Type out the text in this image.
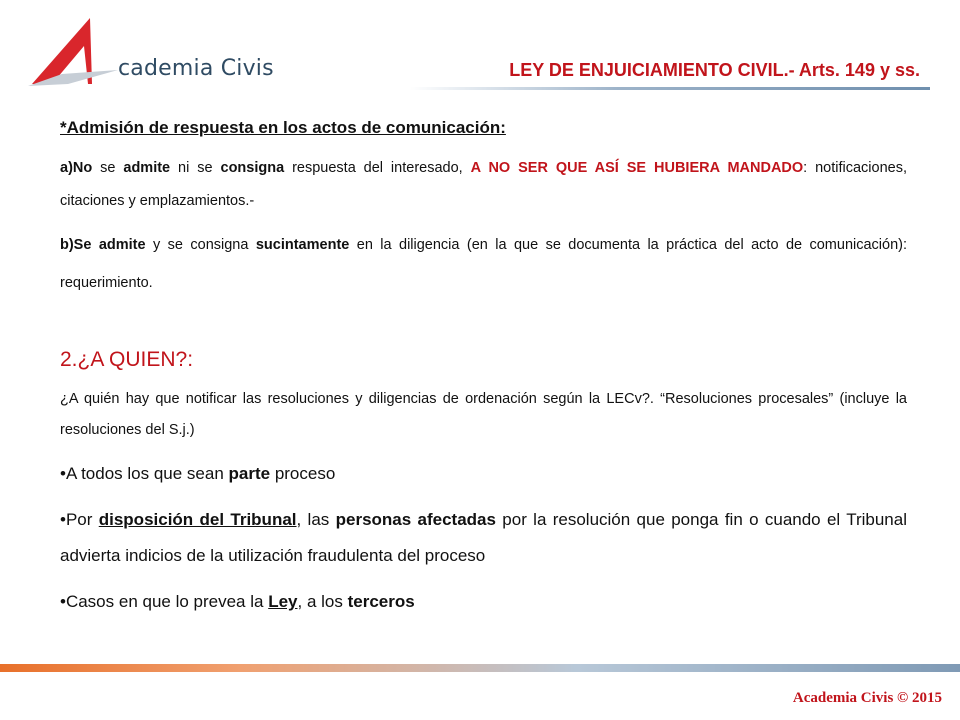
cademia Civis	LEY DE ENJUICIAMIENTO CIVIL.- Arts. 149 y ss.

*Admisión de respuesta en los actos de comunicación:

a)No se admite ni se consigna respuesta del interesado, A NO SER QUE ASÍ SE HUBIERA MANDADO: notificaciones, citaciones y emplazamientos.-

b)Se admite y se consigna sucintamente en la diligencia (en la que se documenta la práctica del acto de comunicación): requerimiento.

2.¿A QUIEN?:

¿A quién hay que notificar las resoluciones y diligencias de ordenación según la LECv?. “Resoluciones procesales” (incluye la resoluciones del S.j.)

•A todos los que sean parte proceso

•Por disposición del Tribunal, las personas afectadas por la resolución que ponga fin o cuando el Tribunal advierta indicios de la utilización fraudulenta del proceso

•Casos en que lo prevea la Ley, a los terceros

Academia Civis © 2015
